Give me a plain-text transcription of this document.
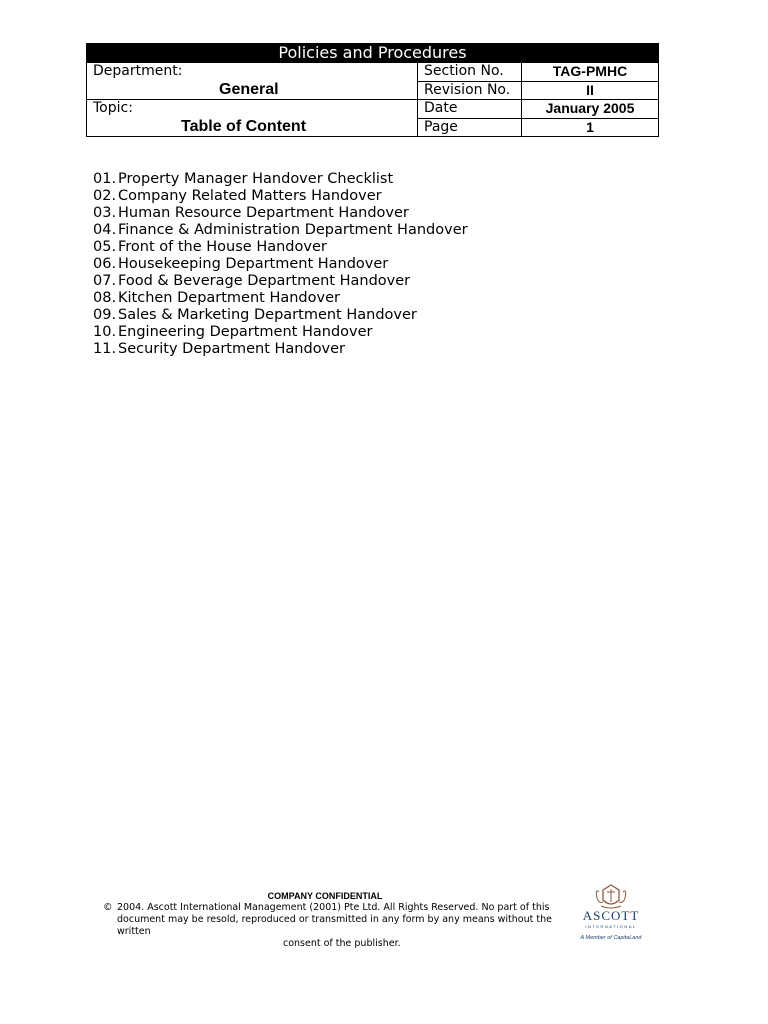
Policies and Procedures		

Department:
General	Section No.	TAG-PMHC
	Revision No.	II

Topic:
Table of Content	Date	January 2005
	Page	1
01. Property Manager Handover Checklist
02. Company Related Matters Handover
03. Human Resource Department Handover
04. Finance & Administration Department Handover
05. Front of the House Handover
06. Housekeeping Department Handover
07. Food & Beverage Department Handover
08. Kitchen Department Handover
09. Sales & Marketing Department Handover
10. Engineering Department Handover
11. Security Department Handover
COMPANY CONFIDENTIAL
© 2004. Ascott International Management (2001) Pte Ltd. All Rights Reserved. No part of this document may be resold, reproduced or transmitted in any form by any means without the written
consent of the publisher.
ASCOTT
INTERNATIONAL
A Member of CapitaLand
